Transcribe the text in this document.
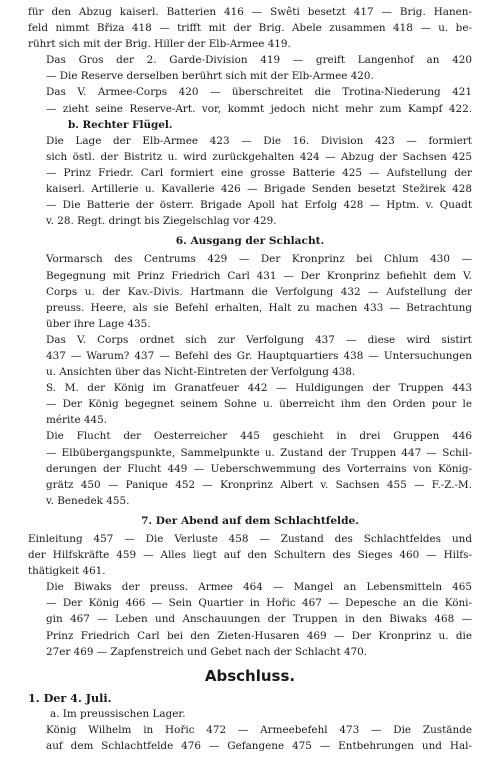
für den Abzug kaiserl. Batterien 416 — Swêti besetzt 417 — Brig. Hanen-
feld nimmt Břiza 418 — trifft mit der Brig. Abele zusammen 418 — u. be-
rührt sich mit der Brig. Hiller der Elb-Armee 419.

Das Gros der 2. Garde-Division 419 — greift Langenhof an 420
— Die Reserve derselben berührt sich mit der Elb-Armee 420.

Das V. Armee-Corps 420 — überschreitet die Trotina-Niederung 421
— zieht seine Reserve-Art. vor, kommt jedoch nicht mehr zum Kampf 422.

b. Rechter Flügel.

Die Lage der Elb-Armee 423 — Die 16. Division 423 — formiert
sich östl. der Bistritz u. wird zurückgehalten 424 — Abzug der Sachsen 425
— Prinz Friedr. Carl formiert eine grosse Batterie 425 — Aufstellung der
kaiserl. Artillerie u. Kavallerie 426 — Brigade Senden besetzt Stežirek 428
— Die Batterie der österr. Brigade Apoll hat Erfolg 428 — Hptm. v. Quadt
v. 28. Regt. dringt bis Ziegelschlag vor 429.

6. Ausgang der Schlacht.

Vormarsch des Centrums 429 — Der Kronprinz bei Chlum 430 —
Begegnung mit Prinz Friedrich Carl 431 — Der Kronprinz befiehlt dem V.
Corps u. der Kav.-Divis. Hartmann die Verfolgung 432 — Aufstellung der
preuss. Heere, als sie Befehl erhalten, Halt zu machen 433 — Betrachtung
über ihre Lage 435.

Das V. Corps ordnet sich zur Verfolgung 437 — diese wird sistirt
437 — Warum? 437 — Befehl des Gr. Hauptquartiers 438 — Untersuchungen
u. Ansichten über das Nicht-Eintreten der Verfolgung 438.

S. M. der König im Granatfeuer 442 — Huldigungen der Truppen 443
— Der König begegnet seinem Sohne u. überreicht ihm den Orden pour le
mérite 445.

Die Flucht der Oesterreicher 445 geschieht in drei Gruppen 446
— Elbübergangspunkte, Sammelpunkte u. Zustand der Truppen 447 — Schil-
derungen der Flucht 449 — Ueberschwemmung des Vorterrains von König-
grätz 450 — Panique 452 — Kronprinz Albert v. Sachsen 455 — F.-Z.-M.
v. Benedek 455.

7. Der Abend auf dem Schlachtfelde.

Einleitung 457 — Die Verluste 458 — Zustand des Schlachtfeldes und
der Hilfskräfte 459 — Alles liegt auf den Schultern des Sieges 460 — Hilfs-
thätigkeit 461.

Die Biwaks der preuss. Armee 464 — Mangel an Lebensmitteln 465
— Der König 466 — Sein Quartier in Hořic 467 — Depesche an die Köni-
gin 467 — Leben und Anschauungen der Truppen in den Biwaks 468 —
Prinz Friedrich Carl bei den Zieten-Husaren 469 — Der Kronprinz u. die
27er 469 — Zapfenstreich und Gebet nach der Schlacht 470.

Abschluss.
1. Der 4. Juli.
a. Im preussischen Lager.

König Wilhelm in Hořic 472 — Armeebefehl 473 — Die Zustände
auf dem Schlachtfelde 476 — Gefangene 475 — Entbehrungen und Hal-
